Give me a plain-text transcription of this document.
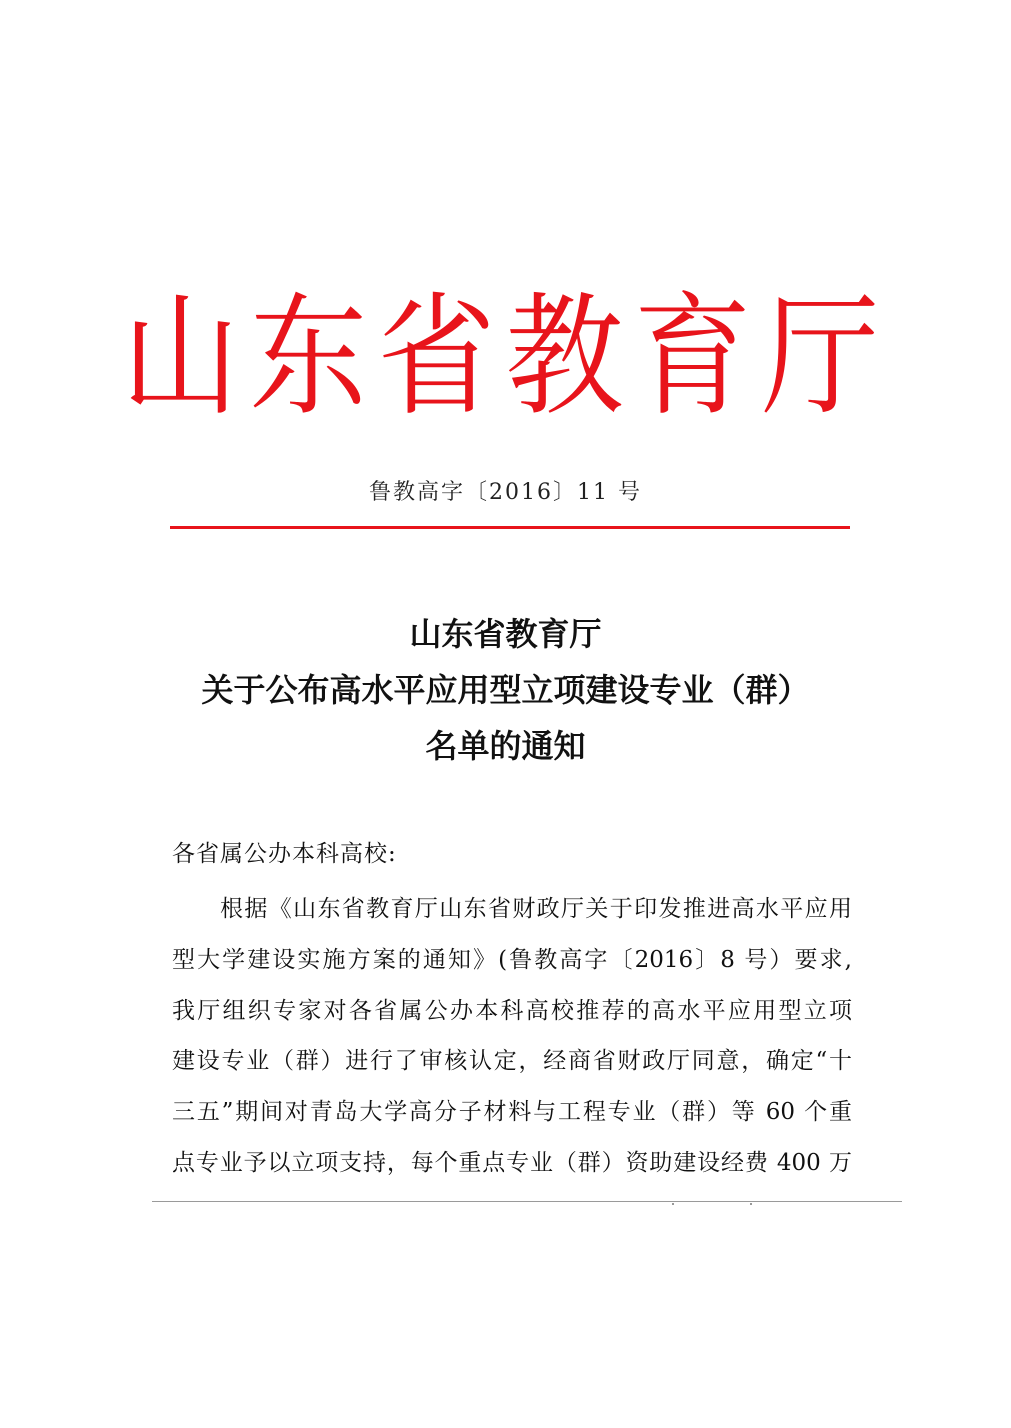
山东省教育厅
鲁教高字〔2016〕11 号
山东省教育厅
关于公布高水平应用型立项建设专业（群）
名单的通知
各省属公办本科高校:
根据《山东省教育厅山东省财政厅关于印发推进高水平应用
型大学建设实施方案的通知》(鲁教高字〔2016〕8 号）要求,
我厅组织专家对各省属公办本科高校推荐的高水平应用型立项
建设专业（群）进行了审核认定，经商省财政厅同意，确定“十
三五”期间对青岛大学高分子材料与工程专业（群）等 60 个重
点专业予以立项支持，每个重点专业（群）资助建设经费 400 万
